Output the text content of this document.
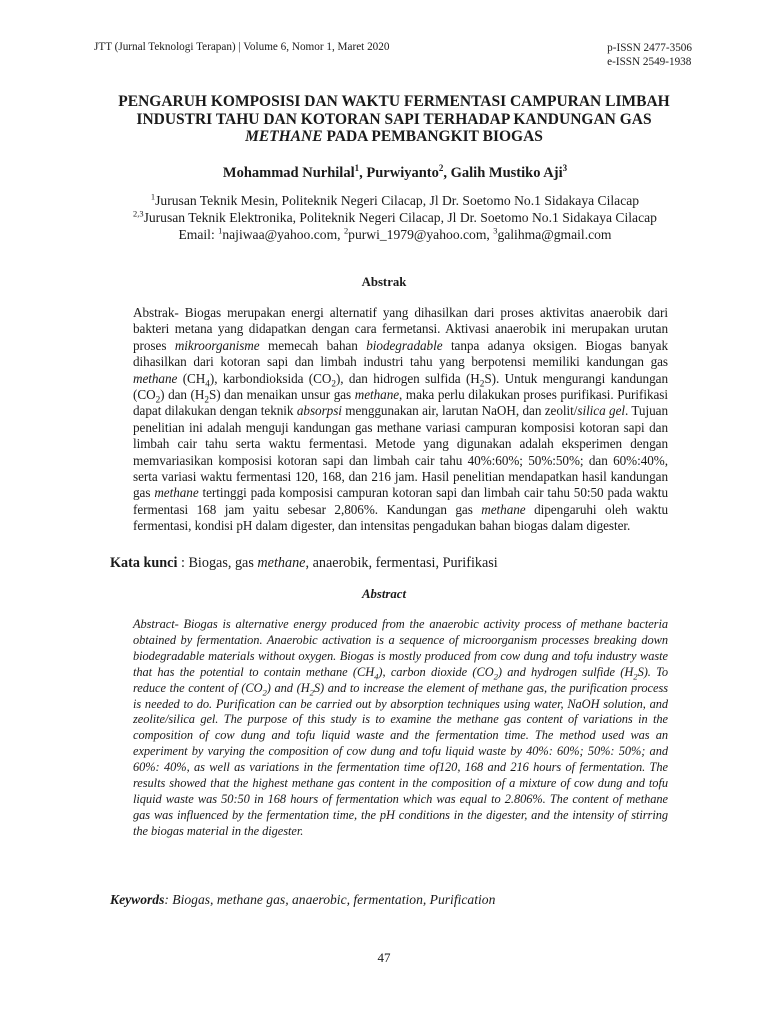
JTT (Jurnal Teknologi Terapan) | Volume 6, Nomor 1, Maret 2020	p-ISSN 2477-3506
e-ISSN 2549-1938
PENGARUH KOMPOSISI DAN WAKTU FERMENTASI CAMPURAN LIMBAH
INDUSTRI TAHU DAN KOTORAN SAPI TERHADAP KANDUNGAN GAS
METHANE PADA PEMBANGKIT BIOGAS
Mohammad Nurhilal$^1$, Purwiyanto$^2$, Galih Mustiko Aji$^3$
$^1$Jurusan Teknik Mesin, Politeknik Negeri Cilacap, Jl Dr. Soetomo No.1 Sidakaya Cilacap
$^{2,3}$Jurusan Teknik Elektronika, Politeknik Negeri Cilacap, Jl Dr. Soetomo No.1 Sidakaya Cilacap
Email: $^1$najiwaa@yahoo.com, $^2$purwi_1979@yahoo.com, $^3$galihma@gmail.com
Abstrak
Abstrak- Biogas merupakan energi alternatif yang dihasilkan dari proses aktivitas anaerobik dari bakteri metana yang didapatkan dengan cara fermetansi. Aktivasi anaerobik ini merupakan urutan proses mikroorganisme memecah bahan biodegradable tanpa adanya oksigen. Biogas banyak dihasilkan dari kotoran sapi dan limbah industri tahu yang berpotensi memiliki kandungan gas methane $(CH_4)$, karbondioksida $(CO_2)$, dan hidrogen sulfida $(H_2S)$. Untuk mengurangi kandungan $(CO_2)$ dan $(H_2S)$ dan menaikan unsur gas methane, maka perlu dilakukan proses purifikasi. Purifikasi dapat dilakukan dengan teknik absorpsi menggunakan air, larutan NaOH, dan zeolit/silica gel. Tujuan penelitian ini adalah menguji kandungan gas methane variasi campuran komposisi kotoran sapi dan limbah cair tahu serta waktu fermentasi. Metode yang digunakan adalah eksperimen dengan memvariasikan komposisi kotoran sapi dan limbah cair tahu 40%:60%; 50%:50%; dan 60%:40%, serta variasi waktu fermentasi 120, 168, dan 216 jam. Hasil penelitian mendapatkan hasil kandungan gas methane tertinggi pada komposisi campuran kotoran sapi dan limbah cair tahu 50:50 pada waktu fermentasi 168 jam yaitu sebesar 2,806%. Kandungan gas methane dipengaruhi oleh waktu fermentasi, kondisi pH dalam digester, dan intensitas pengadukan bahan biogas dalam digester.
Kata kunci : Biogas, gas methane, anaerobik, fermentasi, Purifikasi
Abstract
Abstract- Biogas is alternative energy produced from the anaerobic activity process of methane bacteria obtained by fermentation. Anaerobic activation is a sequence of microorganism processes breaking down biodegradable materials without oxygen. Biogas is mostly produced from cow dung and tofu industry waste that has the potential to contain methane $(CH_4)$, carbon dioxide $(CO_2)$ and hydrogen sulfide $(H_2S)$. To reduce the content of $(CO_2)$ and $(H_2S)$ and to increase the element of methane gas, the purification process is needed to do. Purification can be carried out by absorption techniques using water, NaOH solution, and zeolite/silica gel. The purpose of this study is to examine the methane gas content of variations in the composition of cow dung and tofu liquid waste and the fermentation time. The method used was an experiment by varying the composition of cow dung and tofu liquid waste by 40%: 60%; 50%: 50%; and 60%: 40%, as well as variations in the fermentation time of120, 168 and 216 hours of fermentation. The results showed that the highest methane gas content in the composition of a mixture of cow dung and tofu liquid waste was 50:50 in 168 hours of fermentation which was equal to 2.806%. The content of methane gas was influenced by the fermentation time, the pH conditions in the digester, and the intensity of stirring the biogas material in the digester.
Keywords: Biogas, methane gas, anaerobic, fermentation, Purification
47
